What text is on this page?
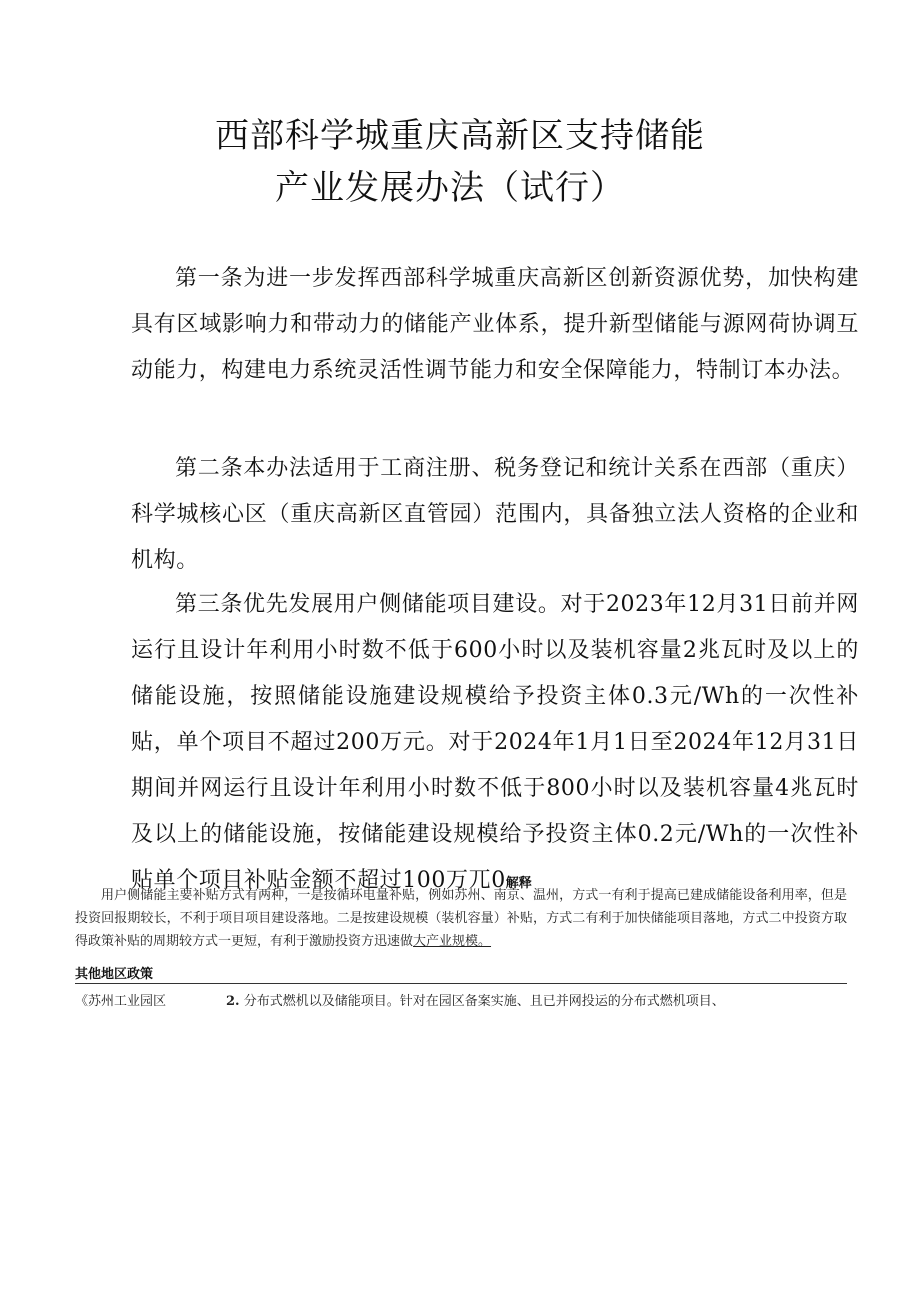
西部科学城重庆高新区支持储能
产业发展办法（试行）

第一条为进一步发挥西部科学城重庆高新区创新资源优势，加快构建具有区域影响力和带动力的储能产业体系，提升新型储能与源网荷协调互动能力，构建电力系统灵活性调节能力和安全保障能力，特制订本办法。

第二条本办法适用于工商注册、税务登记和统计关系在西部（重庆）科学城核心区（重庆高新区直管园）范围内，具备独立法人资格的企业和机构。

第三条优先发展用户侧储能项目建设。对于2023年12月31日前并网运行且设计年利用小时数不低于600小时以及装机容量2兆瓦时及以上的储能设施，按照储能设施建设规模给予投资主体0.3元/Wh的一次性补贴，单个项目不超过200万元。对于2024年1月1日至2024年12月31日期间并网运行且设计年利用小时数不低于800小时以及装机容量4兆瓦时及以上的储能设施，按储能建设规模给予投资主体0.2元/Wh的一次性补贴单个项目补贴金额不超过100万兀0解释

用户侧储能主要补贴方式有两种，一是按循环电量补贴，例如苏州、南京、温州，方式一有利于提高已建成储能设备利用率，但是投资回报期较长，不利于项目项目建设落地。二是按建设规模（装机容量）补贴，方式二有利于加快储能项目落地，方式二中投资方取得政策补贴的周期较方式一更短，有利于激励投资方迅速做大产业规模。

其他地区政策
《苏州工业园区	2. 分布式燃机以及储能项目。针对在园区备案实施、且已并网投运的分布式燃机项目、
